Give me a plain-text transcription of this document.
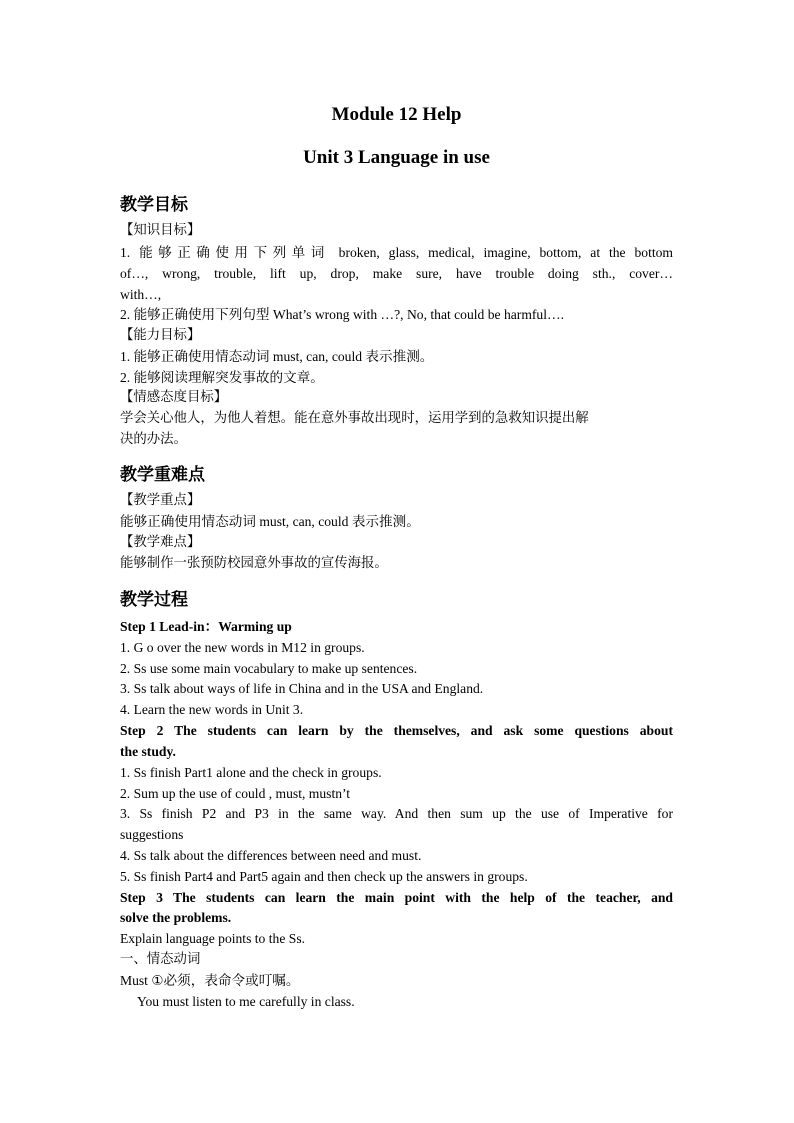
Module 12 Help
Unit 3 Language in use
教学目标
【知识目标】
1. 能够正确使用下列单词 broken, glass, medical, imagine, bottom, at the bottom
of…, wrong, trouble, lift up, drop, make sure, have trouble doing sth., cover…
with…,
2. 能够正确使用下列句型 What’s wrong with …?, No, that could be harmful….
【能力目标】
1. 能够正确使用情态动词 must, can, could 表示推测。
2. 能够阅读理解突发事故的文章。
【情感态度目标】
学会关心他人，为他人着想。能在意外事故出现时，运用学到的急救知识提出解
决的办法。
教学重难点
【教学重点】
能够正确使用情态动词 must, can, could 表示推测。
【教学难点】
能够制作一张预防校园意外事故的宣传海报。
教学过程
Step 1 Lead-in：Warming up
1. G o over the new words in M12 in groups.
2. Ss use some main vocabulary to make up sentences.
3. Ss talk about ways of life in China and in the USA and England.
4. Learn the new words in Unit 3.
Step 2 The students can learn by the themselves, and ask some questions about
the study.
1. Ss finish Part1 alone and the check in groups.
2. Sum up the use of could , must, mustn’t
3. Ss finish P2 and P3 in the same way. And then sum up the use of Imperative for
suggestions
4. Ss talk about the differences between need and must.
5. Ss finish Part4 and Part5 again and then check up the answers in groups.
Step 3 The students can learn the main point with the help of the teacher, and
solve the problems.
Explain language points to the Ss.
一、情态动词
Must ①必须，表命令或叮嘱。
You must listen to me carefully in class.
